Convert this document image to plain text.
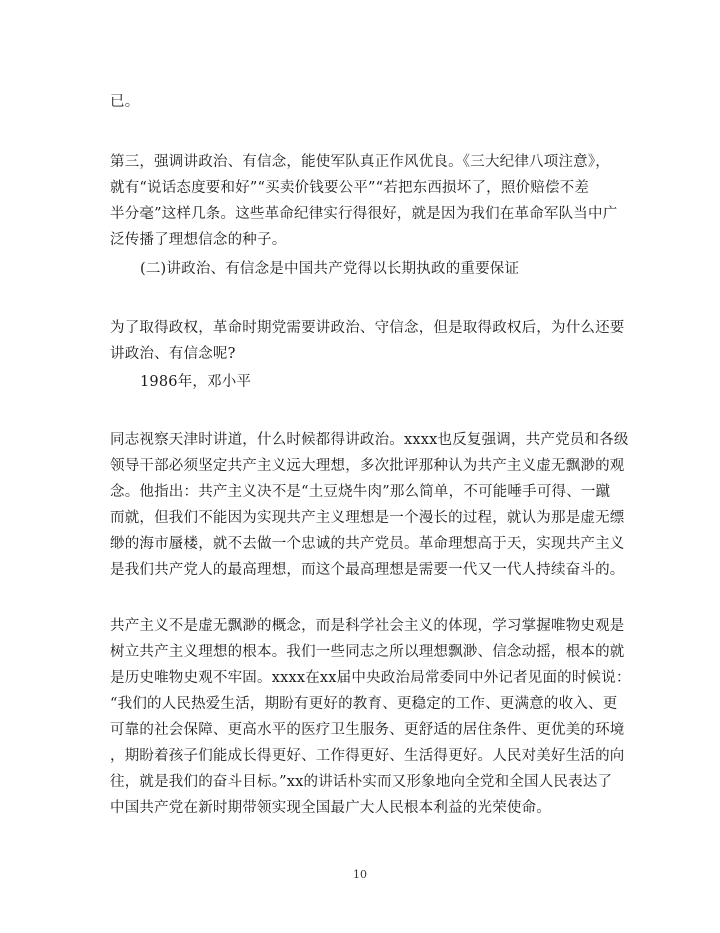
已。
第三，强调讲政治、有信念，能使军队真正作风优良。《三大纪律八项注意》，
就有“说话态度要和好”“买卖价钱要公平”“若把东西损坏了，照价赔偿不差
半分毫”这样几条。这些革命纪律实行得很好，就是因为我们在革命军队当中广
泛传播了理想信念的种子。
(二)讲政治、有信念是中国共产党得以长期执政的重要保证
为了取得政权，革命时期党需要讲政治、守信念，但是取得政权后，为什么还要
讲政治、有信念呢?
1986年，邓小平
同志视察天津时讲道，什么时候都得讲政治。xxxx也反复强调，共产党员和各级
领导干部必须坚定共产主义远大理想，多次批评那种认为共产主义虚无飘渺的观
念。他指出：共产主义决不是“土豆烧牛肉”那么简单，不可能唾手可得、一蹴
而就，但我们不能因为实现共产主义理想是一个漫长的过程，就认为那是虚无缥
缈的海市蜃楼，就不去做一个忠诚的共产党员。革命理想高于天，实现共产主义
是我们共产党人的最高理想，而这个最高理想是需要一代又一代人持续奋斗的。
共产主义不是虚无飘渺的概念，而是科学社会主义的体现，学习掌握唯物史观是
树立共产主义理想的根本。我们一些同志之所以理想飘渺、信念动摇，根本的就
是历史唯物史观不牢固。xxxx在xx届中央政治局常委同中外记者见面的时候说：
“我们的人民热爱生活，期盼有更好的教育、更稳定的工作、更满意的收入、更
可靠的社会保障、更高水平的医疗卫生服务、更舒适的居住条件、更优美的环境
，期盼着孩子们能成长得更好、工作得更好、生活得更好。人民对美好生活的向
往，就是我们的奋斗目标。”xx的讲话朴实而又形象地向全党和全国人民表达了
中国共产党在新时期带领实现全国最广大人民根本利益的光荣使命。
10
